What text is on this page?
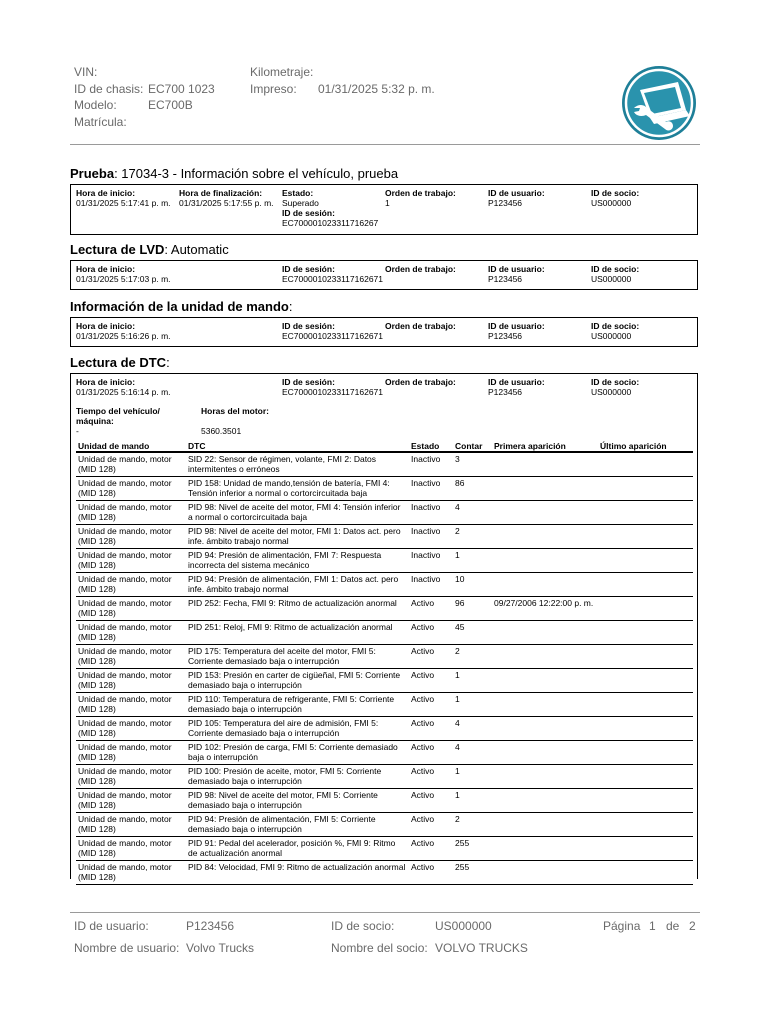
VIN:
ID de chasis: EC700 1023
Modelo:	EC700B
Matrícula:
Kilometraje:
Impreso: 01/31/2025 5:32 p. m.
Prueba: 17034-3 - Información sobre el vehículo, prueba
Hora de inicio:
01/31/2025 5:17:41 p. m.
Hora de finalización:
01/31/2025 5:17:55 p. m.
Estado:
Superado
ID de sesión:
EC700001023311716267
Orden de trabajo:
1
ID de usuario:
P123456
ID de socio:
US000000
Lectura de LVD: Automatic
Hora de inicio:
01/31/2025 5:17:03 p. m.
ID de sesión:
EC7000010233117162671
Orden de trabajo:	ID de usuario:
P123456
ID de socio:
US000000
Información de la unidad de mando:
Hora de inicio:
01/31/2025 5:16:26 p. m.
ID de sesión:
EC7000010233117162671
Orden de trabajo:	ID de usuario:
P123456
ID de socio:
US000000
Lectura de DTC:
Hora de inicio:
01/31/2025 5:16:14 p. m.
ID de sesión:
EC7000010233117162671
Orden de trabajo:	ID de usuario:
P123456
ID de socio:
US000000
Tiempo del vehículo/ máquina:
-
Horas del motor:
5360.3501
Unidad de mando	DTC	Estado	Contar	Primera aparición	Último aparición
Unidad de mando, motor (MID 128)	SID 22: Sensor de régimen, volante, FMI 2: Datos intermitentes o erróneos	Inactivo	3		
Unidad de mando, motor (MID 128)	PID 158: Unidad de mando,tensión de batería, FMI 4: Tensión inferior a normal o cortorcircuitada baja	Inactivo	86		
Unidad de mando, motor (MID 128)	PID 98: Nivel de aceite del motor, FMI 4: Tensión inferior a normal o cortorcircuitada baja	Inactivo	4		
Unidad de mando, motor (MID 128)	PID 98: Nivel de aceite del motor, FMI 1: Datos act. pero infe. ámbito trabajo normal	Inactivo	2		
Unidad de mando, motor (MID 128)	PID 94: Presión de alimentación, FMI 7: Respuesta incorrecta del sistema mecánico	Inactivo	1		
Unidad de mando, motor (MID 128)	PID 94: Presión de alimentación, FMI 1: Datos act. pero infe. ámbito trabajo normal	Inactivo	10		
Unidad de mando, motor (MID 128)	PID 252: Fecha, FMI 9: Ritmo de actualización anormal	Activo	96	09/27/2006 12:22:00 p. m.	
Unidad de mando, motor (MID 128)	PID 251: Reloj, FMI 9: Ritmo de actualización anormal	Activo	45		
Unidad de mando, motor (MID 128)	PID 175: Temperatura del aceite del motor, FMI 5: Corriente demasiado baja o interrupción	Activo	2		
Unidad de mando, motor (MID 128)	PID 153: Presión en carter de cigüeñal, FMI 5: Corriente demasiado baja o interrupción	Activo	1		
Unidad de mando, motor (MID 128)	PID 110: Temperatura de refrigerante, FMI 5: Corriente demasiado baja o interrupción	Activo	1		
Unidad de mando, motor (MID 128)	PID 105: Temperatura del aire de admisión, FMI 5: Corriente demasiado baja o interrupción	Activo	4		
Unidad de mando, motor (MID 128)	PID 102: Presión de carga, FMI 5: Corriente demasiado baja o interrupción	Activo	4		
Unidad de mando, motor (MID 128)	PID 100: Presión de aceite, motor, FMI 5: Corriente demasiado baja o interrupción	Activo	1		
Unidad de mando, motor (MID 128)	PID 98: Nivel de aceite del motor, FMI 5: Corriente demasiado baja o interrupción	Activo	1		
Unidad de mando, motor (MID 128)	PID 94: Presión de alimentación, FMI 5: Corriente demasiado baja o interrupción	Activo	2		
Unidad de mando, motor (MID 128)	PID 91: Pedal del acelerador, posición %, FMI 9: Ritmo de actualización anormal	Activo	255		
Unidad de mando, motor (MID 128)	PID 84: Velocidad, FMI 9: Ritmo de actualización anormal	Activo	255		
ID de usuario:	P123456	ID de socio:	US000000	Página 1 de 2
Nombre de usuario: Volvo Trucks	Nombre del socio: VOLVO TRUCKS
